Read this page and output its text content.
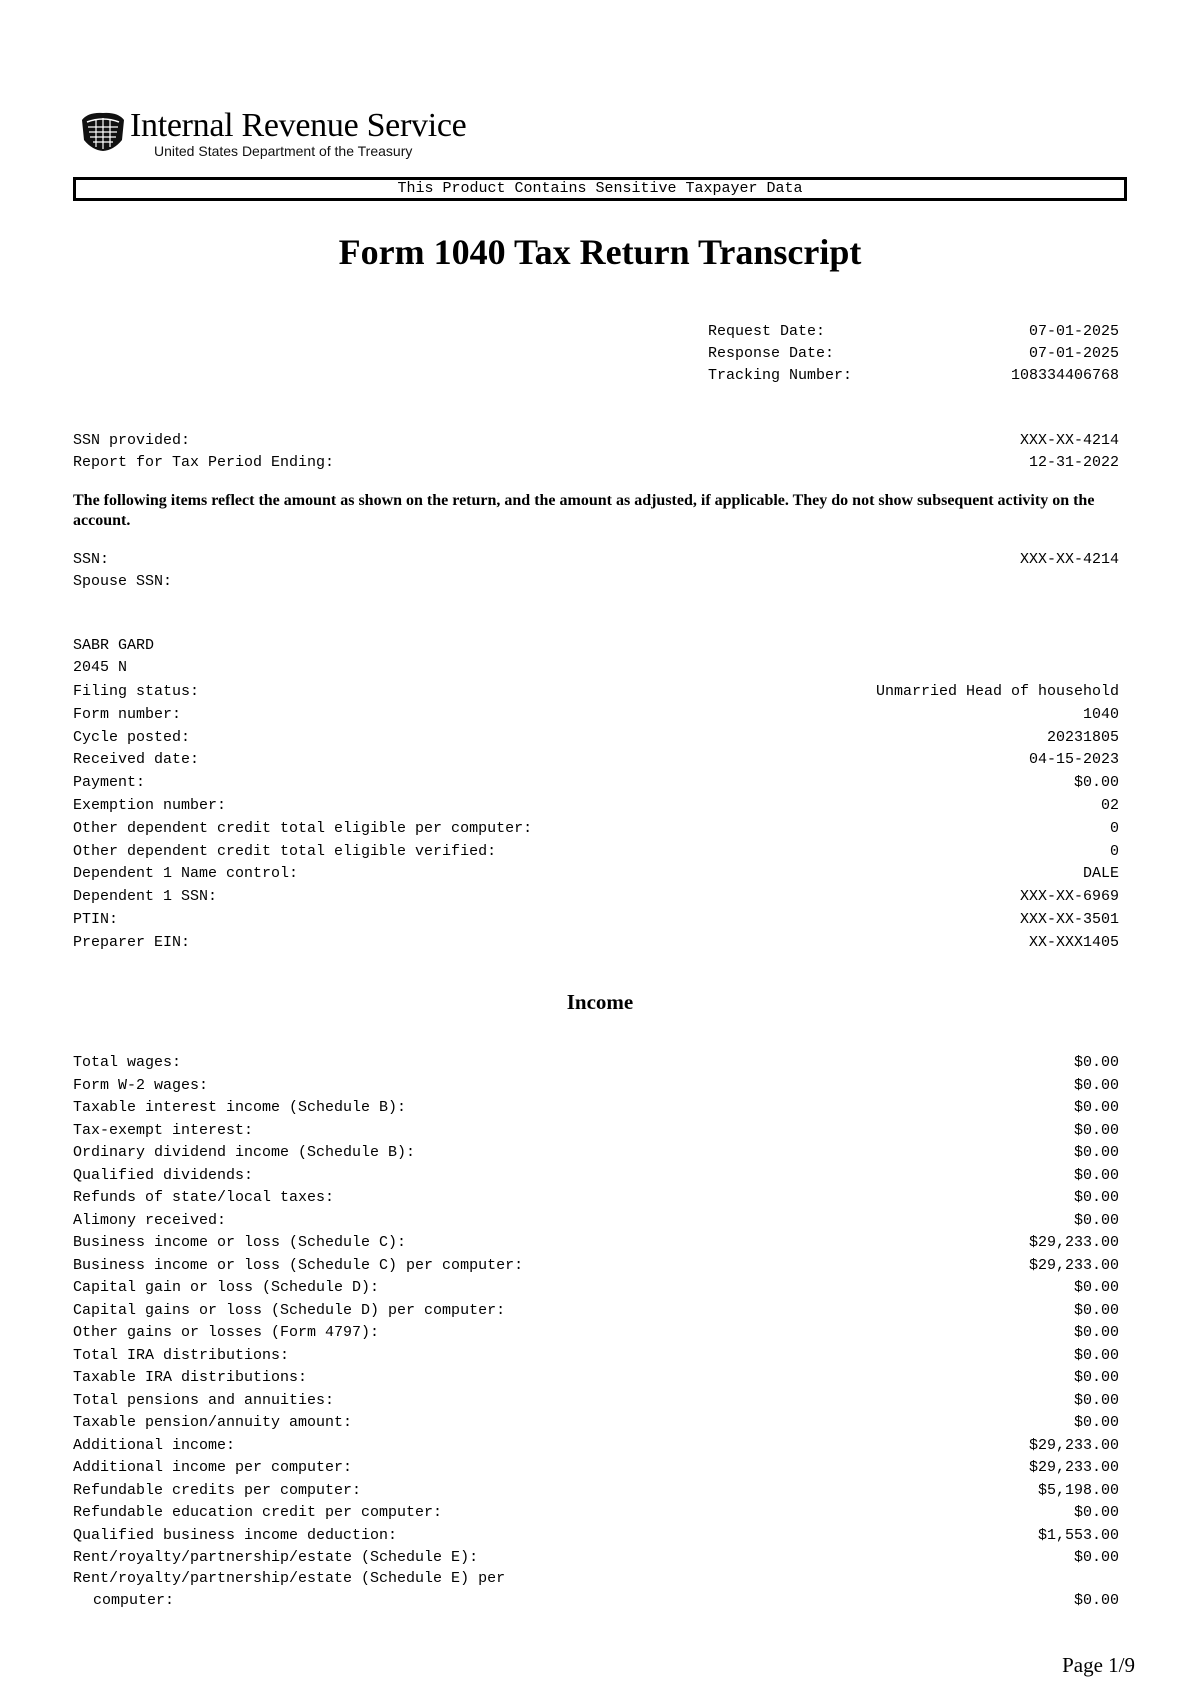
Internal Revenue Service
United States Department of the Treasury
This Product Contains Sensitive Taxpayer Data
Form 1040 Tax Return Transcript
Request Date:	07-01-2025
Response Date:	07-01-2025
Tracking Number:	108334406768
SSN provided:	XXX-XX-4214
Report for Tax Period Ending:	12-31-2022
The following items reflect the amount as shown on the return, and the amount as adjusted, if applicable. They do not show subsequent activity on the account.
SSN:	XXX-XX-4214
Spouse SSN:
SABR GARD
2045 N
Filing status:	Unmarried Head of household
Form number:	1040
Cycle posted:	20231805
Received date:	04-15-2023
Payment:	$0.00
Exemption number:	02
Other dependent credit total eligible per computer:	0
Other dependent credit total eligible verified:	0
Dependent 1 Name control:	DALE
Dependent 1 SSN:	XXX-XX-6969
PTIN:	XXX-XX-3501
Preparer EIN:	XX-XXX1405
Income
Total wages:	$0.00
Form W-2 wages:	$0.00
Taxable interest income (Schedule B):	$0.00
Tax-exempt interest:	$0.00
Ordinary dividend income (Schedule B):	$0.00
Qualified dividends:	$0.00
Refunds of state/local taxes:	$0.00
Alimony received:	$0.00
Business income or loss (Schedule C):	$29,233.00
Business income or loss (Schedule C) per computer:	$29,233.00
Capital gain or loss (Schedule D):	$0.00
Capital gains or loss (Schedule D) per computer:	$0.00
Other gains or losses (Form 4797):	$0.00
Total IRA distributions:	$0.00
Taxable IRA distributions:	$0.00
Total pensions and annuities:	$0.00
Taxable pension/annuity amount:	$0.00
Additional income:	$29,233.00
Additional income per computer:	$29,233.00
Refundable credits per computer:	$5,198.00
Refundable education credit per computer:	$0.00
Qualified business income deduction:	$1,553.00
Rent/royalty/partnership/estate (Schedule E):	$0.00
Rent/royalty/partnership/estate (Schedule E) per
computer:	$0.00
Page 1/9
